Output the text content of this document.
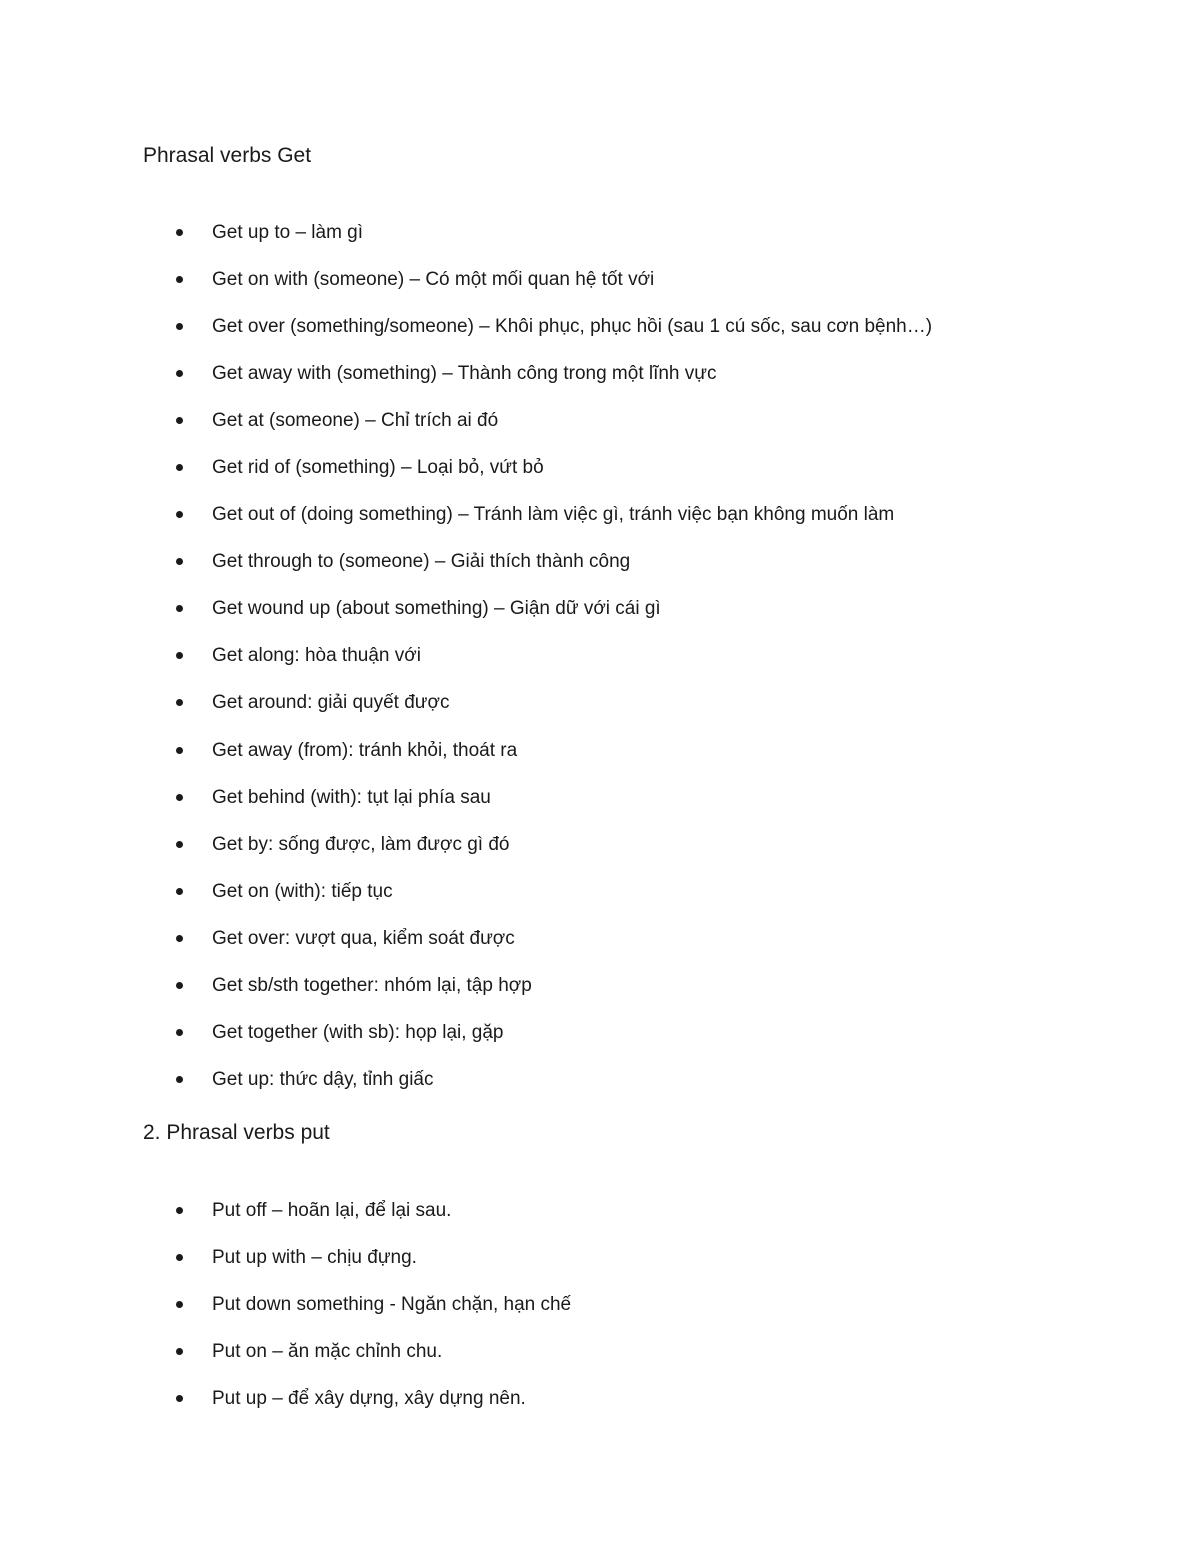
Phrasal verbs Get
Get up to – làm gì
Get on with (someone) – Có một mối quan hệ tốt với
Get over (something/someone) – Khôi phục, phục hồi (sau 1 cú sốc, sau cơn bệnh…)
Get away with (something) – Thành công trong một lĩnh vực
Get at (someone) – Chỉ trích ai đó
Get rid of (something) – Loại bỏ, vứt bỏ
Get out of (doing something) – Tránh làm việc gì, tránh việc bạn không muốn làm
Get through to (someone) – Giải thích thành công
Get wound up (about something) – Giận dữ với cái gì
Get along: hòa thuận với
Get around: giải quyết được
Get away (from): tránh khỏi, thoát ra
Get behind (with): tụt lại phía sau
Get by: sống được, làm được gì đó
Get on (with): tiếp tục
Get over: vượt qua, kiểm soát được
Get sb/sth together: nhóm lại, tập hợp
Get together (with sb): họp lại, gặp
Get up: thức dậy, tỉnh giấc
2. Phrasal verbs put
Put off – hoãn lại, để lại sau.
Put up with – chịu đựng.
Put down something - Ngăn chặn, hạn chế
Put on – ăn mặc chỉnh chu.
Put up – để xây dựng, xây dựng nên.
